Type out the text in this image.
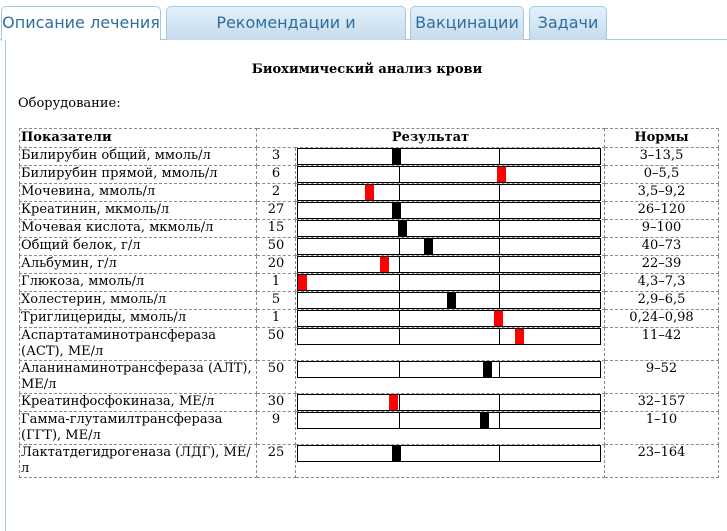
Описание лечения	Рекомендации и	Вакцинации	Задачи
Биохимический анализ крови
Оборудование:
Показатели	Результат		Нормы
Билирубин общий, ммоль/л	3		3–13,5
Билирубин прямой, ммоль/л	6		0–5,5
Мочевина, ммоль/л	2		3,5–9,2
Креатинин, мкмоль/л	27		26–120
Мочевая кислота, мкмоль/л	15		9–100
Общий белок, г/л	50		40–73
Альбумин, г/л	20		22–39
Глюкоза, ммоль/л	1		4,3–7,3
Холестерин, ммоль/л	5		2,9–6,5
Триглицериды, ммоль/л	1		0,24–0,98
Аспартатаминотрансфераза (АСТ), МЕ/л	50		11–42
Аланинаминотрансфераза (АЛТ), МЕ/л	50		9–52
Креатинфосфокиназа, МЕ/л	30		32–157
Гамма-глутамилтрансфераза (ГГТ), МЕ/л	9		1–10
Лактатдегидрогеназа (ЛДГ), МЕ/л	25		23–164
